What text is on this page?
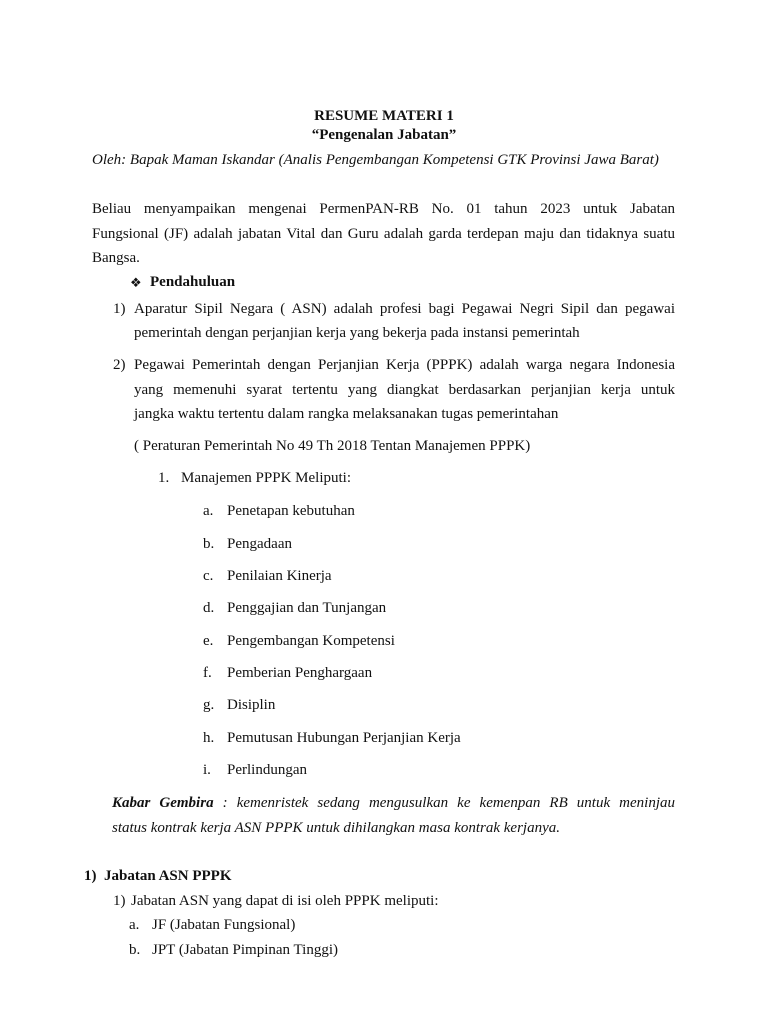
RESUME MATERI 1
“Pengenalan Jabatan”
Oleh: Bapak Maman Iskandar (Analis Pengembangan Kompetensi GTK Provinsi Jawa Barat)
Beliau menyampaikan mengenai PermenPAN-RB No. 01 tahun 2023 untuk Jabatan
Fungsional (JF) adalah jabatan Vital dan Guru adalah garda terdepan maju dan tidaknya suatu
Bangsa.
❖ Pendahuluan
1) Aparatur Sipil Negara ( ASN) adalah profesi bagi Pegawai Negri Sipil dan pegawai
pemerintah dengan perjanjian kerja yang bekerja pada instansi pemerintah
2) Pegawai Pemerintah dengan Perjanjian Kerja (PPPK) adalah warga negara Indonesia
yang memenuhi syarat tertentu yang diangkat berdasarkan perjanjian kerja untuk
jangka waktu tertentu dalam rangka melaksanakan tugas pemerintahan
( Peraturan Pemerintah No 49 Th 2018 Tentan Manajemen PPPK)
1. Manajemen PPPK Meliputi:
a. Penetapan kebutuhan
b. Pengadaan
c. Penilaian Kinerja
d. Penggajian dan Tunjangan
e. Pengembangan Kompetensi
f. Pemberian Penghargaan
g. Disiplin
h. Pemutusan Hubungan Perjanjian Kerja
i. Perlindungan
Kabar Gembira : kemenristek sedang mengusulkan ke kemenpan RB untuk meninjau
status kontrak kerja ASN PPPK untuk dihilangkan masa kontrak kerjanya.
1) Jabatan ASN PPPK
1) Jabatan ASN yang dapat di isi oleh PPPK meliputi:
a. JF (Jabatan Fungsional)
b. JPT (Jabatan Pimpinan Tinggi)
